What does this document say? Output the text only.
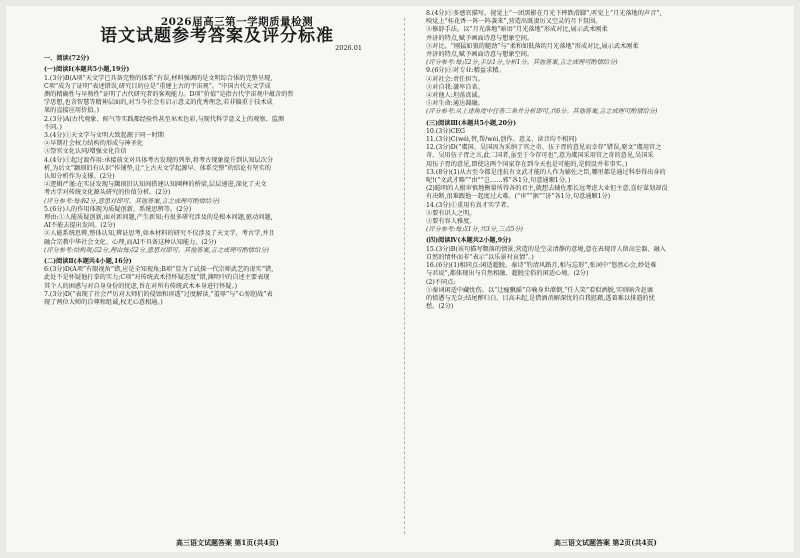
2026届高三第一学期质量检测
语文试题参考答案及评分标准
2026.01
一、阅读(72分)
(一)阅读Ⅰ(本题共5小题,19分)
1.(3分)B(A项“天文学已具备完整的体系”有误,材料强调的是文明综合体的完整呈现,
C项“成为了证明”表述错误,研究目的应是“重建上古的宇宙观”。“中国古代天文学成
测的精确性与早熟性”证明了古代研究者的客观能力。D项“价值”是指古代宇宙观中蕴含的哲
学思想,也含智慧等精神层面的,对当今社会有启示意义的优秀理念,若非偏重于技术成
果的直接应用价值。)
2.(3分)A(古代观象、候气等实践都经验性甚至巫术色彩,与现代科学意义上的观察、监测
不同。)
3.(4分)①天文学与文明大致起源于同一时期
②早期社会权力结构的形成与神圣化
③祭官文化认同/增强文化自信
4.(4分)①起过渡作用:承接前文对具体考古发现的列举,将考古现象提升到认知层次分
析,为后文“颛顼旧有认识”作铺垫,让“上古天文学起源早、体系完整”的结论有坚实的
认知分析作为支撑。(2分)
②逻辑严谨:在实证发现与颛顼旧认知间搭建认知阐释的桥梁,层层递进,深化了天文
考古学对传统文化源头研究的价值分析。(2分)
(评分参考:每条2分,意思对即可。其他答案,言之成理可酌情给分)
5.(6分)人的作用体现为质疑创新、系统思辨等。(2分)
理由:①人能质疑创新,面对新问题,产生新知;有很多研究涉及的是根本问题,驱动问题,
AI不能去提出发问。(2分)
②人能系统思辨,整体认知,辨证思考,如本材料的研究不仅涉及了天文学、考古学,并且
融合宗教中华社会文化、心理,而AI不具备这种认知能力。(2分)
(评分参考:结构观点2分,理由每点2分,意思对即可。其他答案,言之成理可酌情给分)
(二)阅读Ⅱ(本题共4小题,16分)
6.(3分)D(A项“有限视角”错,应是全知视角;B项“显为了试探一代宗师武艺的虚实”错,
此处不是怀疑他打拳的实力;C项“对传统武术持怀疑态度”错,渊明中的自述主要表现
其个人的困惑与对自身身份的忧虑,旨在对所有传统武术本身进行怀疑。)
7.(3分)D(“表现了社会严厉对大师们的侵蚀和淬透”过度解读,“羞辱”与“心惊胆战”表
现了两位大师的自尊和组诚,权无心意相通。)
8.(4分)①多感官描写。视觉上“一团黑影在月光下摔跌滑脚”,听觉上“月光落地的声音”,
嗅觉上“桂花香一阵一阵袭来”,营造出既凄厉又空灵的月下氛围。
②修辞手法。以“月光落地”暗语“月光落地”形成对比,展示武术刚柔
并济的特点,赋予画面诗意与想象空间。
③对比。“刚猛如狼的腿劲”与“柔和如低落的月光落地”形成对比,展示武术刚柔
并济的特点,赋予画面诗意与想象空间。
(评分参考:每点2分,手法1分,分析1分。其他答案,言之成理可酌情给分)
9.(6分)①对专业:精益求精。
②对社会:责任担当。
③对自我:谦卑自省。
④对他人:坦荡真诚。
⑤对生命:通达圆融。
(评分参考:从上述角度中任答三条并分析即可,共6分。其他答案,言之成理可酌情给分)
(三)阅读Ⅲ(本题共5小题,20分)
10.(3分)CEG
11.(3分)C(wéi,替,帮/wèi,创作。意义、读音均不相同)
12.(3分)D(“虞国、吴国因为采纳了官之奇、伍子胥的意见而幸存”错误,原文“虞用官之
奇、吴用伍子胥之言,此二国者,虽至于今存可也”,意为虞国采用官之奇的意见,吴国采
用伍子胥的意见,即使这两个国家存在到今天也是可能的,是假设并非事实。)
13.(8分)(1)从古至今都是违抗有文武才能的人作为辅佐之臣,哪里都是通过科举得出身的
呢!(“文武才略”“由”“岂……邪”各1分,句意通顺1分。)
(2)聪明的人根审慎地衡量所得各的君主,就想去辅佐那长远考虑大业但主意,喜好谋划却没
有决断,很难跟他一起度过大难。(“审”“据”“济”各1分,句意通顺1分)
14.(3分)①重用有真才实学者。
②要有识人之明。
③要有容人雅度。
(评分参考:每点1分,共3分,三点5分)
(四)阅读Ⅳ(本题共2小题,9分)
15.(3分)B(该句描写颓落的情景,营造的是空灵清静的意境,意在表现诗人留高尘器、融入
自然的情怀而非“表示“以乐景衬哀情”。)
16.(6分)(1)相同点:闲适超脱。秦诗“钓清风路月,相与忘形”,张词中“悠然心会,妙处难
与君说”,都体现出与自然相融、超脱尘俗的闲适心境。(2分)
(2)不同点:
①秦词闲适中藏忧伤。以“迂瘦飘摇”自喻身世潦倒,“任人笑”看似洒脱,实则暗含赶谪
的愤懑与无奈;结尾醉归白、目高未起,是借酒消解深忧的自我慰藉,透着难以排遣的忧
愁。(2分)
高三语文试题答案 第1页(共4页)	高三语文试题答案 第2页(共4页)
